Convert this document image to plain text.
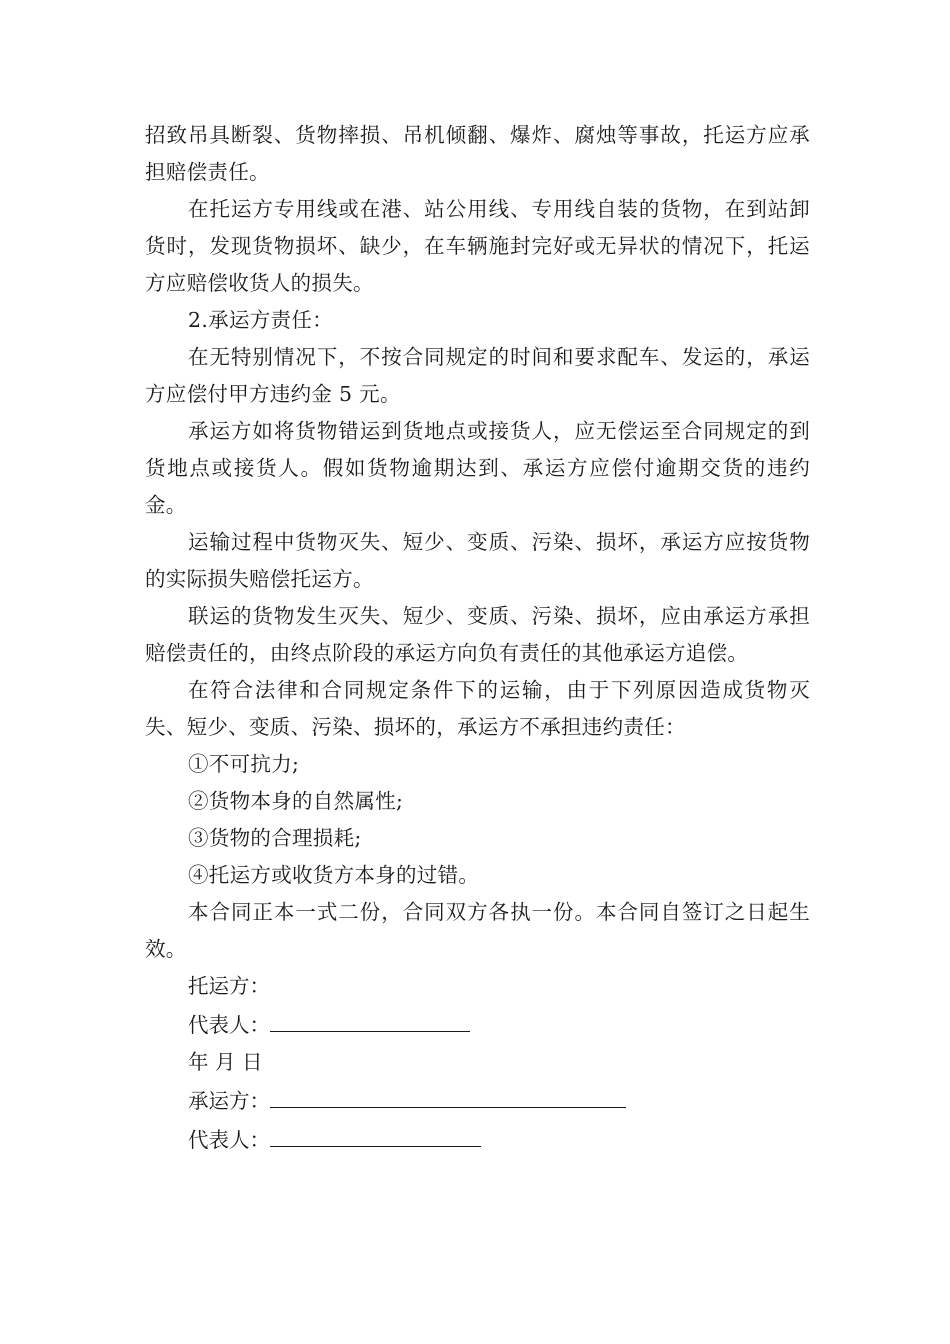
招致吊具断裂、货物摔损、吊机倾翻、爆炸、腐烛等事故，托运方应承担赔偿责任。

在托运方专用线或在港、站公用线、专用线自装的货物，在到站卸货时，发现货物损坏、缺少，在车辆施封完好或无异状的情况下，托运方应赔偿收货人的损失。

2.承运方责任：

在无特别情况下，不按合同规定的时间和要求配车、发运的，承运方应偿付甲方违约金 5 元。

承运方如将货物错运到货地点或接货人，应无偿运至合同规定的到货地点或接货人。假如货物逾期达到、承运方应偿付逾期交货的违约金。

运输过程中货物灭失、短少、变质、污染、损坏，承运方应按货物的实际损失赔偿托运方。

联运的货物发生灭失、短少、变质、污染、损坏，应由承运方承担赔偿责任的，由终点阶段的承运方向负有责任的其他承运方追偿。

在符合法律和合同规定条件下的运输，由于下列原因造成货物灭失、短少、变质、污染、损坏的，承运方不承担违约责任：

①不可抗力;

②货物本身的自然属性;

③货物的合理损耗;

④托运方或收货方本身的过错。

本合同正本一式二份，合同双方各执一份。本合同自签订之日起生效。

托运方：

代表人：

年 月 日

承运方：

代表人：
